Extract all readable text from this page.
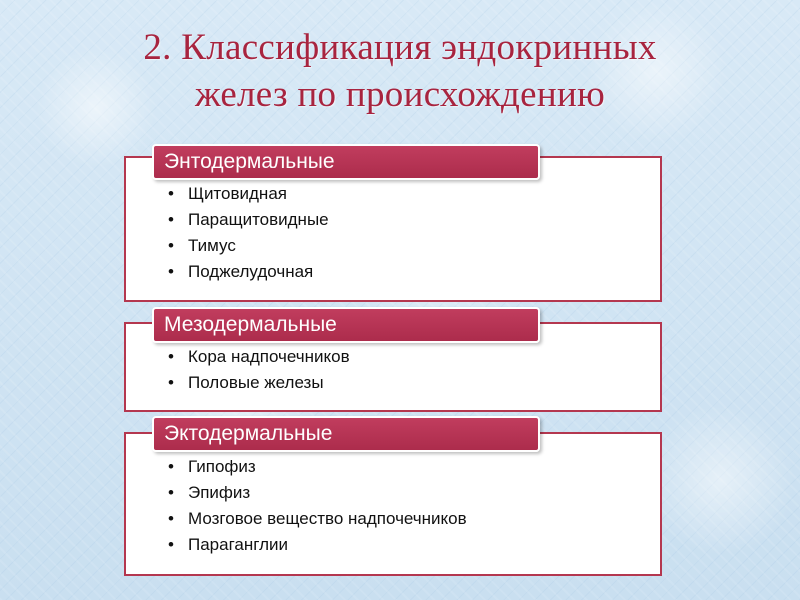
2. Классификация эндокринных
желез по происхождению
Энтодермальные
• Щитовидная
• Паращитовидные
• Тимус
• Поджелудочная
Мезодермальные
• Кора надпочечников
• Половые железы
Эктодермальные
• Гипофиз
• Эпифиз
• Мозговое вещество надпочечников
• Параганглии
